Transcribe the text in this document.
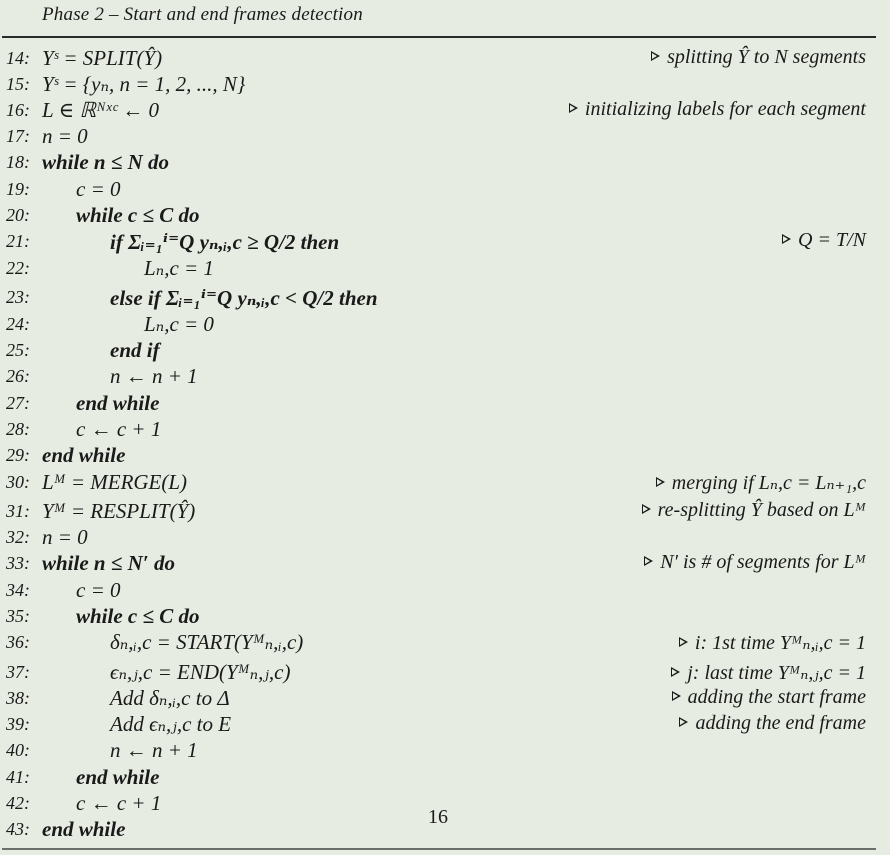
Phase 2 – Start and end frames detection
14: Yˢ = SPLIT(Ŷ)	splitting Ŷ to N segments
15: Yˢ = {yₙ, n = 1, 2, ..., N}
16: L ∈ ℝᴺˣᶜ ← 0	initializing labels for each segment
17: n = 0
18: while n ≤ N do
19: c = 0
20: while c ≤ C do
21:	if Σᵢ₌₁ⁱ⁼Q yₙ,ᵢ,c ≥ Q/2 then	Q = T/N
22:	Lₙ,c = 1
23:	else if Σᵢ₌₁ⁱ⁼Q yₙ,ᵢ,c < Q/2 then
24:	Lₙ,c = 0
25:	end if
26:	n ← n + 1
27: end while
28: c ← c + 1
29: end while
30: Lᴹ = MERGE(L)	merging if Lₙ,c = Lₙ₊₁,c
31: Yᴹ = RESPLIT(Ŷ)	re-splitting Ŷ based on Lᴹ
32: n = 0
33: while n ≤ N′ do	N′ is # of segments for Lᴹ
34: c = 0
35: while c ≤ C do
36:	δₙ,ᵢ,c = START(Yᴹₙ,ᵢ,c)	i: 1st time Yᴹₙ,ᵢ,c = 1
37:	ϵₙ,ⱼ,c = END(Yᴹₙ,ⱼ,c)	j: last time Yᴹₙ,ⱼ,c = 1
38:	Add δₙ,ᵢ,c to Δ	adding the start frame
39:	Add ϵₙ,ⱼ,c to E	adding the end frame
40:	n ← n + 1
41: end while
42: c ← c + 1
43: end while	16
